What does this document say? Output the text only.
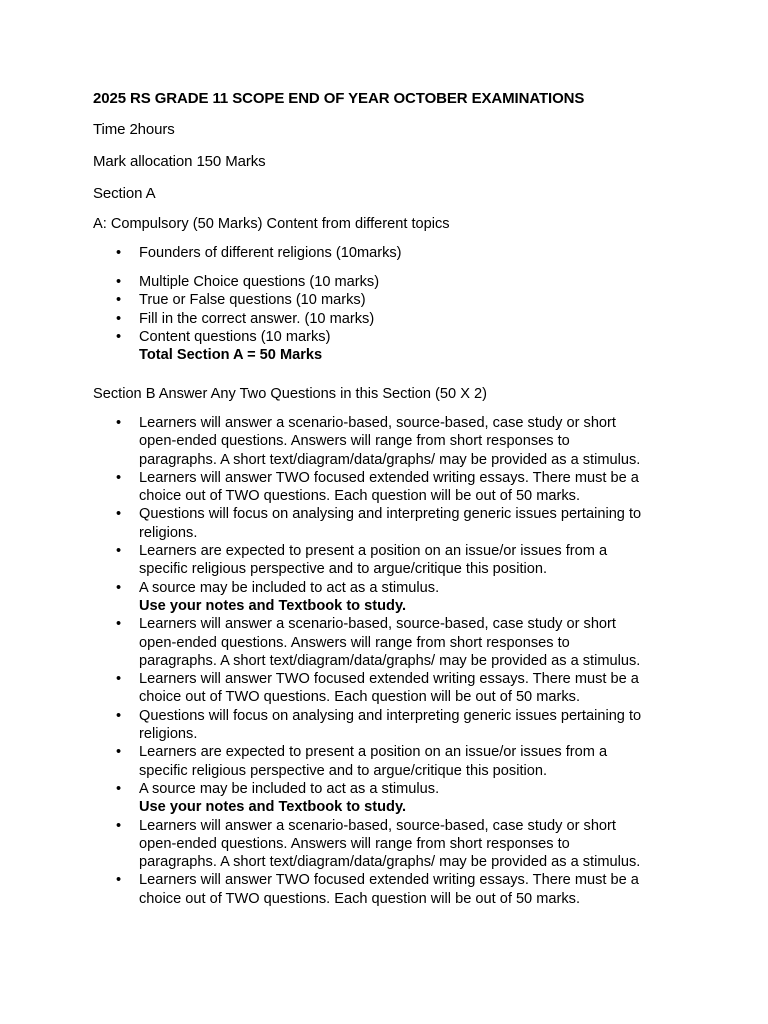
2025 RS GRADE 11 SCOPE END OF YEAR OCTOBER EXAMINATIONS
Time 2hours
Mark allocation 150 Marks
Section A
A: Compulsory (50 Marks) Content from different topics
• Founders of different religions (10marks)
• Multiple Choice questions (10 marks)
• True or False questions (10 marks)
• Fill in the correct answer. (10 marks)
• Content questions (10 marks)
Total Section A = 50 Marks
Section B Answer Any Two Questions in this Section (50 X 2)
• Learners will answer a scenario-based, source-based, case study or short
open-ended questions. Answers will range from short responses to
paragraphs. A short text/diagram/data/graphs/ may be provided as a stimulus.
• Learners will answer TWO focused extended writing essays. There must be a
choice out of TWO questions. Each question will be out of 50 marks.
• Questions will focus on analysing and interpreting generic issues pertaining to
religions.
• Learners are expected to present a position on an issue/or issues from a
specific religious perspective and to argue/critique this position.
• A source may be included to act as a stimulus.
Use your notes and Textbook to study.
• Learners will answer a scenario-based, source-based, case study or short
open-ended questions. Answers will range from short responses to
paragraphs. A short text/diagram/data/graphs/ may be provided as a stimulus.
• Learners will answer TWO focused extended writing essays. There must be a
choice out of TWO questions. Each question will be out of 50 marks.
• Questions will focus on analysing and interpreting generic issues pertaining to
religions.
• Learners are expected to present a position on an issue/or issues from a
specific religious perspective and to argue/critique this position.
• A source may be included to act as a stimulus.
Use your notes and Textbook to study.
• Learners will answer a scenario-based, source-based, case study or short
open-ended questions. Answers will range from short responses to
paragraphs. A short text/diagram/data/graphs/ may be provided as a stimulus.
• Learners will answer TWO focused extended writing essays. There must be a
choice out of TWO questions. Each question will be out of 50 marks.
